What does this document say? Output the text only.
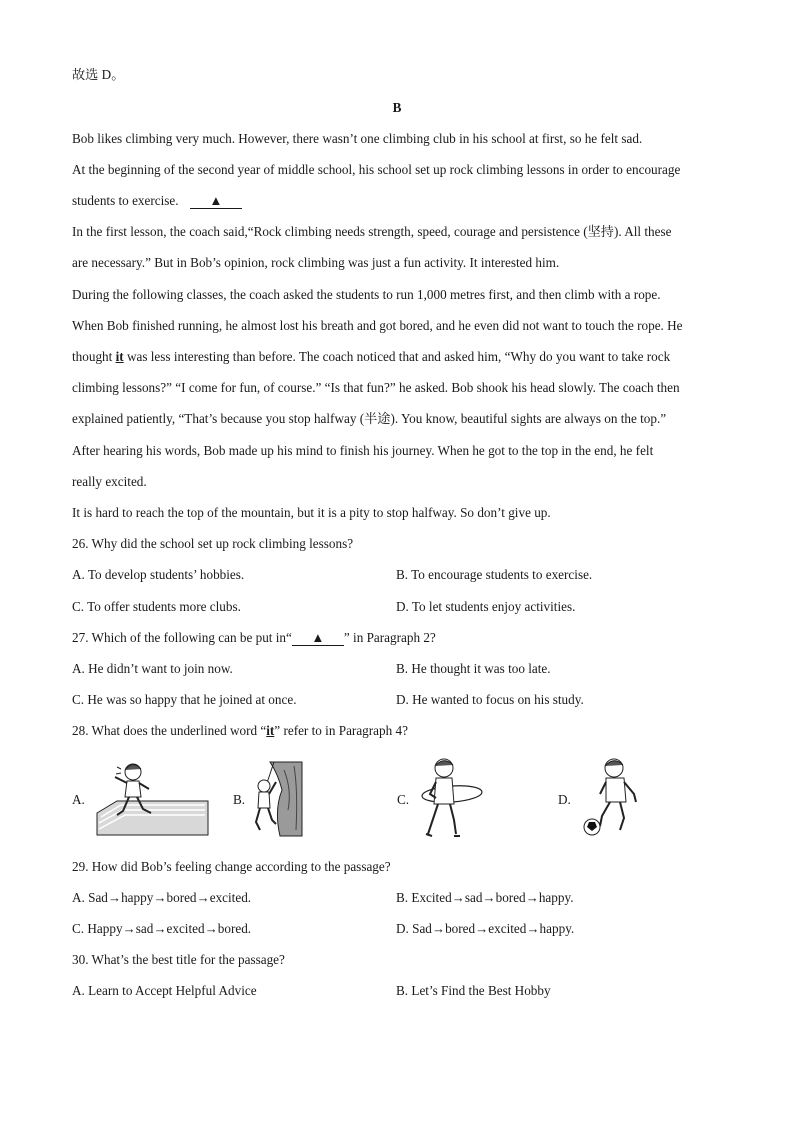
故选 D。
B
Bob likes climbing very much. However, there wasn’t one climbing club in his school at first, so he felt sad.
At the beginning of the second year of middle school, his school set up rock climbing lessons in order to encourage
students to exercise. ▲
In the first lesson, the coach said,“Rock climbing needs strength, speed, courage and persistence (坚持). All these
are necessary.” But in Bob’s opinion, rock climbing was just a fun activity. It interested him.
During the following classes, the coach asked the students to run 1,000 metres first, and then climb with a rope.
When Bob finished running, he almost lost his breath and got bored, and he even did not want to touch the rope. He
thought it was less interesting than before. The coach noticed that and asked him, “Why do you want to take rock
climbing lessons?” “I come for fun, of course.” “Is that fun?” he asked. Bob shook his head slowly. The coach then
explained patiently, “That’s because you stop halfway (半途). You know, beautiful sights are always on the top.”
After hearing his words, Bob made up his mind to finish his journey. When he got to the top in the end, he felt
really excited.
It is hard to reach the top of the mountain, but it is a pity to stop halfway. So don’t give up.
26. Why did the school set up rock climbing lessons?
A. To develop students’ hobbies.	B. To encourage students to exercise.
C. To offer students more clubs.	D. To let students enjoy activities.
27. Which of the following can be put in“ ▲ ” in Paragraph 2?
A. He didn’t want to join now.	B. He thought it was too late.
C. He was so happy that he joined at once.	D. He wanted to focus on his study.
28. What does the underlined word “it” refer to in Paragraph 4?
A.	B.	C.	D.
29. How did Bob’s feeling change according to the passage?
A. Sad→happy→bored→excited.	B. Excited→sad→bored→happy.
C. Happy→sad→excited→bored.	D. Sad→bored→excited→happy.
30. What’s the best title for the passage?
A. Learn to Accept Helpful Advice	B. Let’s Find the Best Hobby
